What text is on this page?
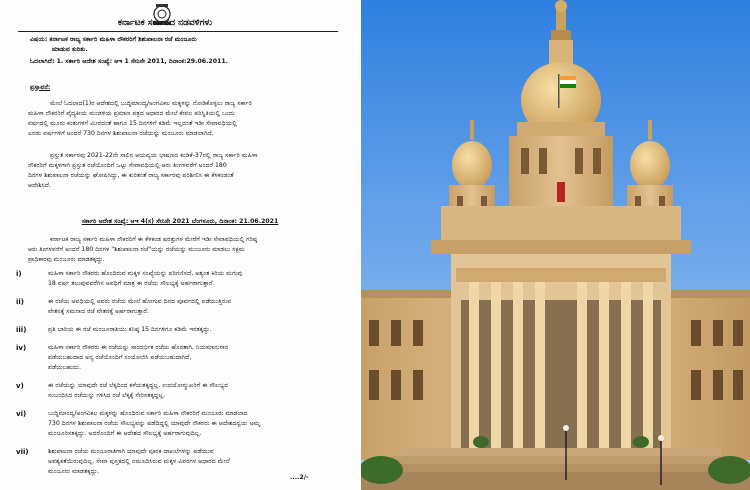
ಕರ್ನಾಟಕ ಸರ್ಕಾರದ ನಡವಳಿಗಳು
ವಿಷಯ: ಕರ್ನಾಟಕ ರಾಜ್ಯ ಸರ್ಕಾರಿ ಮಹಿಳಾ ನೌಕರರಿಗೆ ಶಿಶುಪಾಲನಾ ರಜೆ ಮಂಜೂರು
ಮಾಡುವ ಕುರಿತು.
ಓದಲಾಗಿದೆ: 1. ಸರ್ಕಾರಿ ಆದೇಶ ಸಂಖ್ಯೆ: ಆಇ 1 ಸೇನಿಸೇ 2011, ದಿನಾಂಕ:29.06.2011.
ಪ್ರಸ್ತಾವನೆ:
ಮೇಲೆ ಓದಲಾದ(1)ರ ಆದೇಶದಲ್ಲಿ ಬುದ್ಧಿಮಾಂದ್ಯ/ಅಂಗವಿಕಲ ಮಕ್ಕಳನ್ನು ನೋಡಿಕೊಳ್ಳಲು ರಾಜ್ಯ ಸರ್ಕಾರಿ
ಮಹಿಳಾ ನೌಕರರಿಗೆ ವೈದ್ಯಕೀಯ ಮಂಡಳಿಯ ಪ್ರಮಾಣ ಪತ್ರದ ಆಧಾರದ ಮೇಲೆ ಕೇವಲ ಪರಿಸ್ಥಿತಿಯಲ್ಲಿ ಒಂದು
ವರ್ಷದಲ್ಲಿ ಮೂರು ಕಂತುಗಳಿಗೆ ಮೀರದಂತೆ ಹಾಗೂ 15 ದಿನಗಳಿಗೆ ಕಡಿಮೆ ಇಲ್ಲದಂತೆ ಇಡೀ ಸೇವಾವಧಿಯಲ್ಲಿ
ಎರಡು ವರ್ಷಗಳಿಗೆ ಅಂದರೆ 730 ದಿನಗಳ ಶಿಶುಪಾಲನಾ ರಜೆಯನ್ನು ಮಂಜೂರು ಮಾಡಲಾಗಿದೆ.
ಪ್ರಸ್ತುತ ಸರ್ಕಾರವು 2021-22ನೇ ಸಾಲಿನ ಆಯವ್ಯಯ ಭಾಷಣದ ಕಂಡಿಕೆ-37ರಲ್ಲಿ ರಾಜ್ಯ ಸರ್ಕಾರಿ ಮಹಿಳಾ
ನೌಕರರಿಗೆ ಮಕ್ಕಳಿಗಾಗಿ ಪ್ರಸ್ತುತ ರಜೆಯೊಂದಿಗೆ ಒಟ್ಟು ಸೇವಾವಧಿಯಲ್ಲಿ ಆರು ತಿಂಗಳವರೆಗೆ ಅಂದರೆ 180
ದಿನಗಳ ಶಿಶುಪಾಲನಾ ರಜೆಯನ್ನು ಘೋಷಿಸಿದ್ದು, ಈ ಕುರಿತಂತೆ ರಾಜ್ಯ ಸರ್ಕಾರವು ಪರಿಶೀಲಿಸಿ ಈ ಕೆಳಕಂಡಂತೆ
ಆದೇಶಿಸಿದೆ.
ಸರ್ಕಾರಿ ಆದೇಶ ಸಂಖ್ಯೆ: ಆಇ 4(ಸ) ಸೇನಿಸೇ 2021 ಬೆಂಗಳೂರು, ದಿನಾಂಕ: 21.06.2021
ಕರ್ನಾಟಕ ರಾಜ್ಯ ಸರ್ಕಾರಿ ಮಹಿಳಾ ನೌಕರರಿಗೆ ಈ ಕೆಳಕಂಡ ಷರತ್ತುಗಳ ಮೇರೆಗೆ ಇಡೀ ಸೇವಾವಧಿಯಲ್ಲಿ ಗರಿಷ್ಠ
ಆರು ತಿಂಗಳವರೆಗೆ ಅಂದರೆ 180 ದಿನಗಳ "ಶಿಶುಪಾಲನಾ ರಜೆ"ಯನ್ನು ರಜೆಯನ್ನು ಮಂಜೂರು ಮಾಡಲು ಸಕ್ಷಮ
ಪ್ರಾಧಿಕಾರವು ಮಂಜೂರು ಮಾಡತಕ್ಕದ್ದು.
i)	ಮಹಿಳಾ ಸರ್ಕಾರಿ ನೌಕರರು ಹೊಂದಿರುವ ಮಕ್ಕಳ ಸಂಖ್ಯೆಯನ್ನು ಪರಿಗಣಿಸದೆ, ಅತ್ಯಂತ ಕಿರಿಯ ಮಗುವು
18 ವರ್ಷ ತಲುಪುವವರೆಗಿನ ಅವಧಿಗೆ ಮಾತ್ರ ಈ ರಜೆಯ ಸೌಲಭ್ಯಕ್ಕೆ ಅರ್ಹರಾಗುತ್ತಾರೆ.
ii)	ಈ ರಜೆಯ ಅವಧಿಯಲ್ಲಿ ಅವರು ರಜೆಯ ಮೇಲೆ ಹೋಗುವ ದಿನದ ಪೂರ್ವದಲ್ಲಿ ಪಡೆಯುತ್ತಿರುವ
ವೇತನಕ್ಕೆ ಸಮನಾದ ರಜೆ ವೇತನಕ್ಕೆ ಅರ್ಹರಾಗುತ್ತಾರೆ.
iii)	ಪ್ರತಿ ಬಾರಿಯ ಈ ರಜೆ ಮಂಜೂರಾತಿಯು ಕನಿಷ್ಠ 15 ದಿನಗಳಿಗೂ ಕಡಿಮೆ ಇರತಕ್ಕದ್ದು.
iv)	ಮಹಿಳಾ ಸರ್ಕಾರಿ ನೌಕರರು ಈ ರಜೆಯನ್ನು ಸಾಂದರ್ಭಿಕ ರಜೆಯ ಹೊರತಾಗಿ, ನಿಯಮಾನುಸಾರ
ಪಡೆಯಬಹುದಾದ ಅನ್ಯ ರಜೆಯೊಂದಿಗೆ ಸಂಯೋಜಿಸಿ ಪಡೆಯಬಹುದಾಗಿದೆ.
ಪಡೆಯಬಹುದು.
v)	ಈ ರಜೆಯನ್ನು ಯಾವುದೇ ರಜೆ ಲೆಕ್ಕದಿಂದ ಕಳೆಯತಕ್ಕದ್ದಲ್ಲ. ಉದಯೋನ್ಮುಖರಿಗೆ ಈ ಸೌಲಭ್ಯದ
ಸಂಬಂಧಿಸಿದ ರಜೆಯನ್ನು ಗಳಿಸಿದ ರಜೆ ಲೆಕ್ಕಕ್ಕೆ ಸೇರಿಸತಕ್ಕದ್ದಲ್ಲ.
vi)	ಬುದ್ಧಿಮಾಂದ್ಯ/ಅಂಗವಿಕಲ ಮಕ್ಕಳನ್ನು ಹೊಂದಿರುವ ಸರ್ಕಾರಿ ಮಹಿಳಾ ನೌಕರರಿಗೆ ಮಂಜೂರು ಮಾಡಲಾದ
730 ದಿನಗಳ ಶಿಶುಪಾಲನಾ ರಜೆಯ ಸೌಲಭ್ಯವನ್ನು ಪಡೆದಿದ್ದಲ್ಲಿ ಯಾವುದೇ ನೌಕರರು ಈ ಆದೇಶದನ್ವಯ ಅಮೃ
ಮಂಜೂರಿಸತಕ್ಕದ್ದು. ಅದರೊಂದಿಗೆ ಈ ಆದೇಶದ ಸೌಲಭ್ಯಕ್ಕೆ ಅರ್ಹರಾಗುವುದಿಲ್ಲ.
vii)	ಶಿಶುಪಾಲನಾ ರಜೆಯ ಮಂಜೂರಾತಿಗಾಗಿ ಯಾವುದೇ ಪೂರಕ ದಾಖಲೆಗಳನ್ನು ಪಡೆಯುವ
ಅವಶ್ಯಕತೆಯಿರುವುದಿಲ್ಲ. ಸೇವಾ ಪುಸ್ತಕದಲ್ಲಿ ನಮೂದಿಸಿರುವ ಮಕ್ಕಳ ವಿವರಗಳ ಆಧಾರದ ಮೇಲೆ
ಮಂಜೂರು ಮಾಡತಕ್ಕದ್ದು.
....2/-
